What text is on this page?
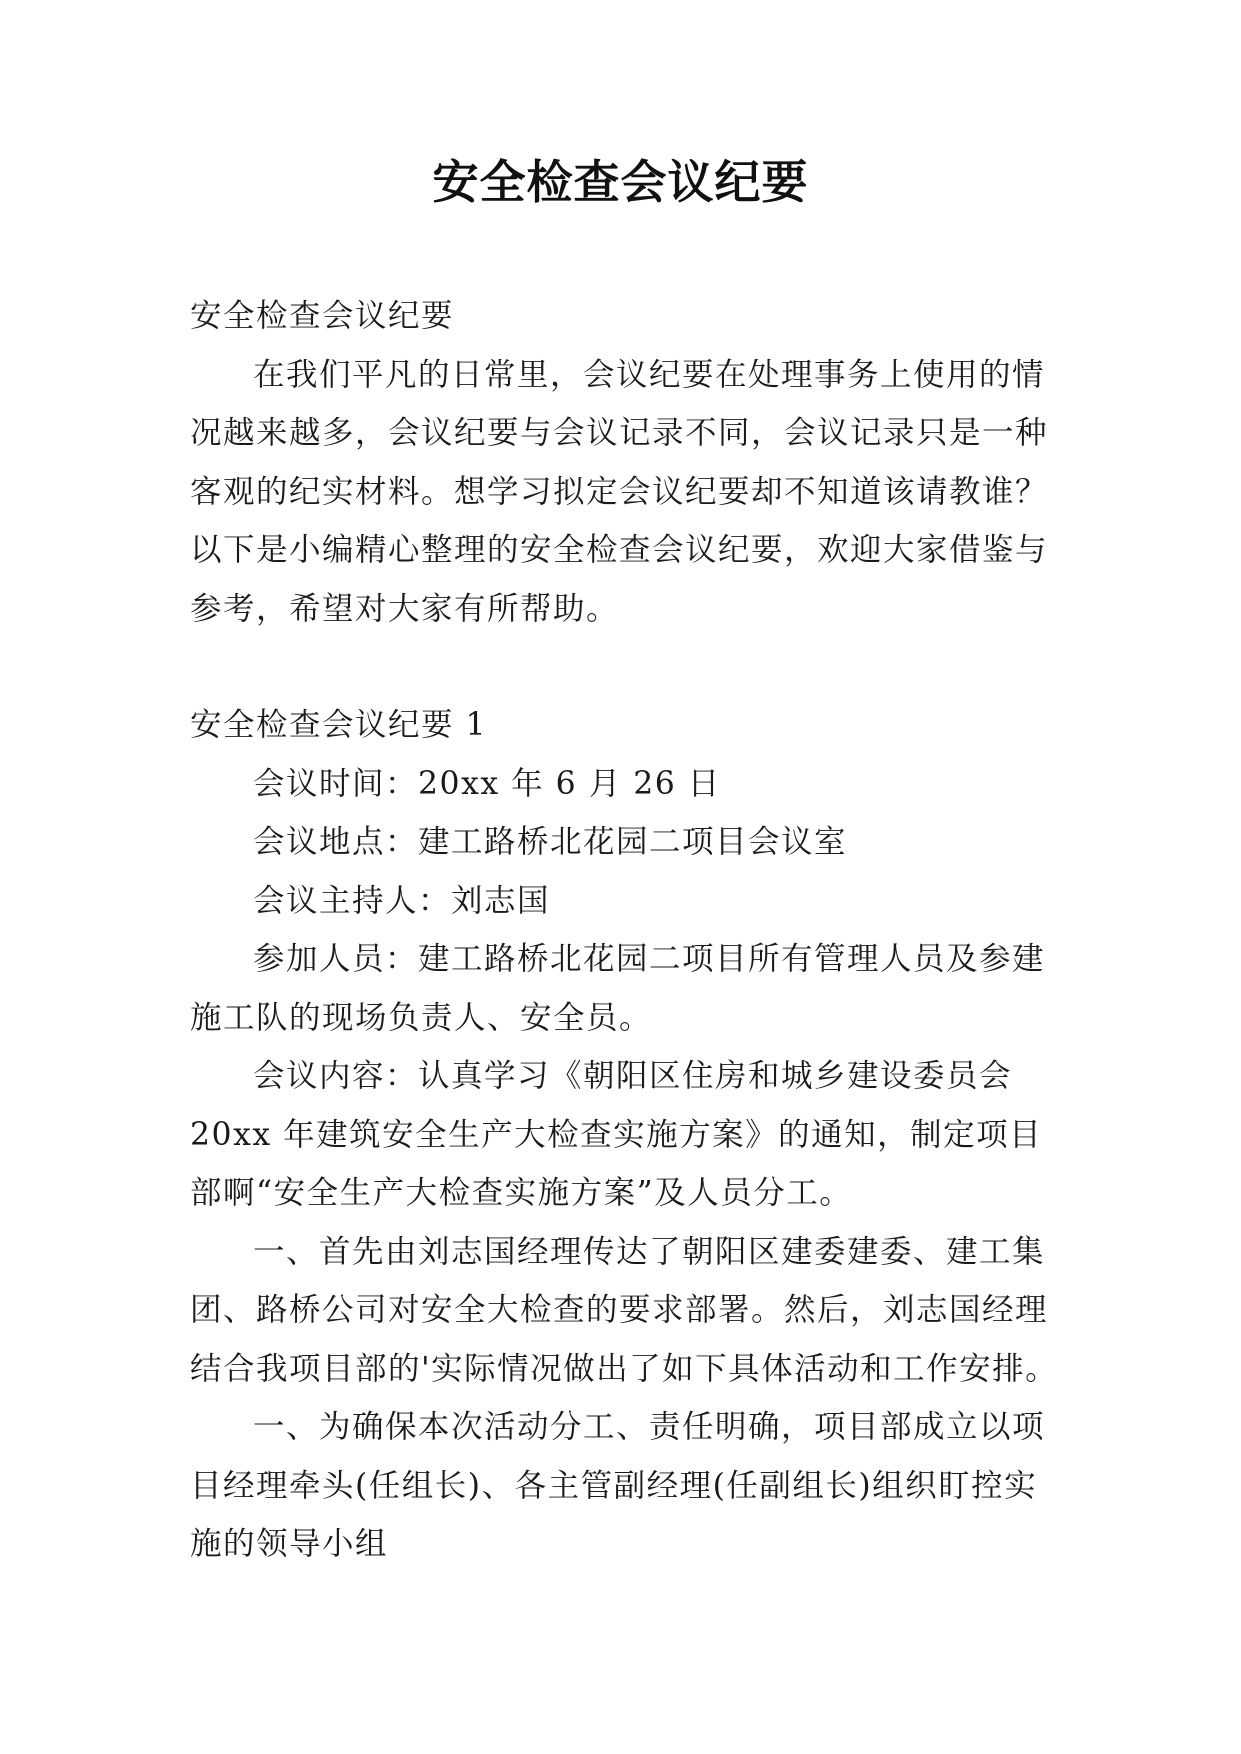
安全检查会议纪要

安全检查会议纪要

在我们平凡的日常里，会议纪要在处理事务上使用的情况越来越多，会议纪要与会议记录不同，会议记录只是一种客观的纪实材料。想学习拟定会议纪要却不知道该请教谁？以下是小编精心整理的安全检查会议纪要，欢迎大家借鉴与参考，希望对大家有所帮助。

安全检查会议纪要 1

会议时间：20xx 年 6 月 26 日

会议地点：建工路桥北花园二项目会议室

会议主持人：刘志国

参加人员：建工路桥北花园二项目所有管理人员及参建施工队的现场负责人、安全员。

会议内容：认真学习《朝阳区住房和城乡建设委员会 20xx 年建筑安全生产大检查实施方案》的通知，制定项目部啊“安全生产大检查实施方案”及人员分工。

一、首先由刘志国经理传达了朝阳区建委建委、建工集团、路桥公司对安全大检查的要求部署。然后，刘志国经理结合我项目部的'实际情况做出了如下具体活动和工作安排。

一、为确保本次活动分工、责任明确，项目部成立以项目经理牵头(任组长)、各主管副经理(任副组长)组织盯控实施的领导小组
